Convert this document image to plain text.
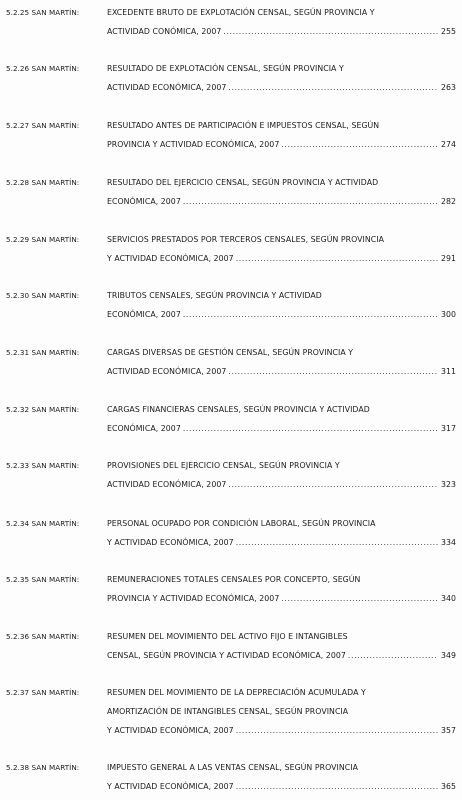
5.2.25 SAN MARTÍN:	EXCEDENTE BRUTO DE EXPLOTACIÓN CENSAL, SEGÚN PROVINCIA Y
ACTIVIDAD CONÓMICA, 2007 .....	255
5.2.26 SAN MARTÍN:	RESULTADO DE EXPLOTACIÓN CENSAL, SEGÚN PROVINCIA Y
ACTIVIDAD ECONÓMICA, 2007 .....	263
5.2.27 SAN MARTÍN:	RESULTADO ANTES DE PARTICIPACIÓN E IMPUESTOS CENSAL, SEGÚN
PROVINCIA Y ACTIVIDAD ECONÓMICA, 2007 .....	274
5.2.28 SAN MARTÍN:	RESULTADO DEL EJERCICIO CENSAL, SEGÚN PROVINCIA Y ACTIVIDAD
ECONÓMICA, 2007 .....	282
5.2.29 SAN MARTÍN:	SERVICIOS PRESTADOS POR TERCEROS CENSALES, SEGÚN PROVINCIA
Y ACTIVIDAD ECONÓMICA, 2007 .....	291
5.2.30 SAN MARTÍN:	TRIBUTOS CENSALES, SEGÚN PROVINCIA Y ACTIVIDAD
ECONÓMICA, 2007 .....	300
5.2.31 SAN MARTÍN:	CARGAS DIVERSAS DE GESTIÓN CENSAL, SEGÚN PROVINCIA Y
ACTIVIDAD ECONÓMICA, 2007 .....	311
5.2.32 SAN MARTÍN:	CARGAS FINANCIERAS CENSALES, SEGÚN PROVINCIA Y ACTIVIDAD
ECONÓMICA, 2007 .....	317
5.2.33 SAN MARTÍN:	PROVISIONES DEL EJERCICIO CENSAL, SEGÚN PROVINCIA Y
ACTIVIDAD ECONÓMICA, 2007 .....	323
5.2.34 SAN MARTÍN:	PERSONAL OCUPADO POR CONDICIÓN LABORAL, SEGÚN PROVINCIA
Y ACTIVIDAD ECONÓMICA, 2007 .....	334
5.2.35 SAN MARTÍN:	REMUNERACIONES TOTALES CENSALES POR CONCEPTO, SEGÚN
PROVINCIA Y ACTIVIDAD ECONÓMICA, 2007 .....	340
5.2.36 SAN MARTÍN:	RESUMEN DEL MOVIMIENTO DEL ACTIVO FIJO E INTANGIBLES
CENSAL, SEGÚN PROVINCIA Y ACTIVIDAD ECONÓMICA, 2007 .....	349
5.2.37 SAN MARTÍN:	RESUMEN DEL MOVIMIENTO DE LA DEPRECIACIÓN ACUMULADA Y
AMORTIZACIÓN DE INTANGIBLES CENSAL, SEGÚN PROVINCIA
Y ACTIVIDAD ECONÓMICA, 2007 .....	357
5.2.38 SAN MARTÍN:	IMPUESTO GENERAL A LAS VENTAS CENSAL, SEGÚN PROVINCIA
Y ACTIVIDAD ECONÓMICA, 2007 .....	365
